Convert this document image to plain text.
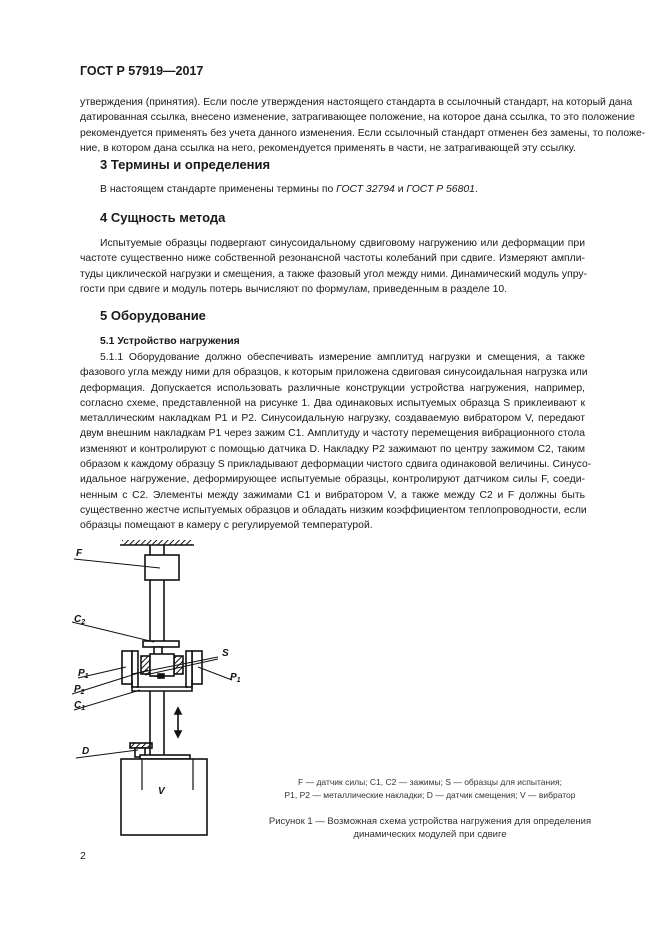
ГОСТ Р 57919—2017
утверждения (принятия). Если после утверждения настоящего стандарта в ссылочный стандарт, на который дана
датированная ссылка, внесено изменение, затрагивающее положение, на которое дана ссылка, то это положение
рекомендуется применять без учета данного изменения. Если ссылочный стандарт отменен без замены, то положе-
ние, в котором дана ссылка на него, рекомендуется применять в части, не затрагивающей эту ссылку.
3 Термины и определения
В настоящем стандарте применены термины по ГОСТ 32794 и ГОСТ Р 56801.
4 Сущность метода
Испытуемые образцы подвергают синусоидальному сдвиговому нагружению или деформации при
частоте существенно ниже собственной резонансной частоты колебаний при сдвиге. Измеряют ампли-
туды циклической нагрузки и смещения, а также фазовый угол между ними. Динамический модуль упру-
гости при сдвиге и модуль потерь вычисляют по формулам, приведенным в разделе 10.
5 Оборудование
5.1 Устройство нагружения
5.1.1 Оборудование должно обеспечивать измерение амплитуд нагрузки и смещения, а также
фазового угла между ними для образцов, к которым приложена сдвиговая синусоидальная нагрузка или
деформация. Допускается использовать различные конструкции устройства нагружения, например,
согласно схеме, представленной на рисунке 1. Два одинаковых испытуемых образца S приклеивают к
металлическим накладкам P1 и P2. Синусоидальную нагрузку, создаваемую вибратором V, передают
двум внешним накладкам P1 через зажим C1. Амплитуду и частоту перемещения вибрационного стола
изменяют и контролируют с помощью датчика D. Накладку P2 зажимают по центру зажимом C2, таким
образом к каждому образцу S прикладывают деформации чистого сдвига одинаковой величины. Синусо-
идальное нагружение, деформирующее испытуемые образцы, контролируют датчиком силы F, соеди-
ненным с C2. Элементы между зажимами C1 и вибратором V, а также между C2 и F должны быть
существенно жестче испытуемых образцов и обладать низким коэффициентом теплопроводности, если
образцы помещают в камеру с регулируемой температурой.
F
$C_2$
S
$P_1$	$P_1$
$P_2$
$C_1$
D
V
F — датчик силы; C1, C2 — зажимы; S — образцы для испытания;
P1, P2 — металлические накладки; D — датчик смещения; V — вибратор
Рисунок 1 — Возможная схема устройства нагружения для определения
динамических модулей при сдвиге
2
